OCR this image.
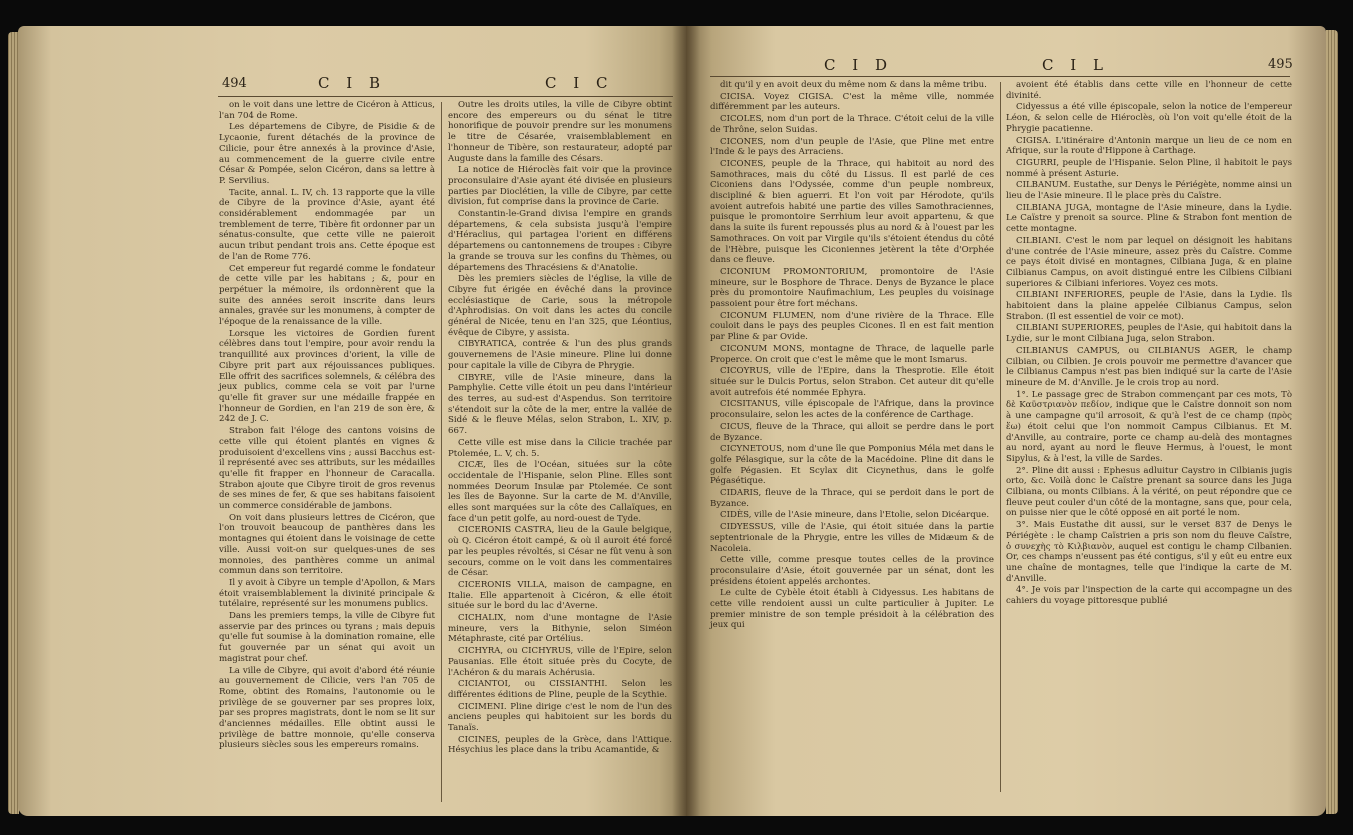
494	C I B	C I C

on le voit dans une lettre de Cicéron à Atticus, l'an 704 de Rome.

Les départemens de Cibyre, de Pisidie & de Lycaonie, furent détachés de la province de Cilicie, pour être annexés à la province d'Asie, au commencement de la guerre civile entre César & Pompée, selon Cicéron, dans sa lettre à P. Servilius.

Tacite, annal. L. IV, ch. 13 rapporte que la ville de Cibyre de la province d'Asie, ayant été considérablement endommagée par un tremblement de terre, Tibère fit ordonner par un sénatus-consulte, que cette ville ne paieroit aucun tribut pendant trois ans. Cette époque est de l'an de Rome 776.

Cet empereur fut regardé comme le fondateur de cette ville par les habitans ; &, pour en perpétuer la mémoire, ils ordonnèrent que la suite des années seroit inscrite dans leurs annales, gravée sur les monumens, à compter de l'époque de la renaissance de la ville.

Lorsque les victoires de Gordien furent célèbres dans tout l'empire, pour avoir rendu la tranquillité aux provinces d'orient, la ville de Cibyre prit part aux réjouissances publiques. Elle offrit des sacrifices solemnels, & célébra des jeux publics, comme cela se voit par l'urne qu'elle fit graver sur une médaille frappée en l'honneur de Gordien, en l'an 219 de son ère, & 242 de J. C.

Strabon fait l'éloge des cantons voisins de cette ville qui étoient plantés en vignes & produisoient d'excellens vins ; aussi Bacchus est-il représenté avec ses attributs, sur les médailles qu'elle fit frapper en l'honneur de Caracalla. Strabon ajoute que Cibyre tiroit de gros revenus de ses mines de fer, & que ses habitans faisoient un commerce considérable de jambons.

On voit dans plusieurs lettres de Cicéron, que l'on trouvoit beaucoup de panthères dans les montagnes qui étoient dans le voisinage de cette ville. Aussi voit-on sur quelques-unes de ses monnoies, des panthères comme un animal commun dans son territoire.

Il y avoit à Cibyre un temple d'Apollon, & Mars étoit vraisemblablement la divinité principale & tutélaire, représenté sur les monumens publics.

Dans les premiers temps, la ville de Cibyre fut asservie par des princes ou tyrans ; mais depuis qu'elle fut soumise à la domination romaine, elle fut gouvernée par un sénat qui avoit un magistrat pour chef.

La ville de Cibyre, qui avoit d'abord été réunie au gouvernement de Cilicie, vers l'an 705 de Rome, obtint des Romains, l'autonomie ou le privilège de se gouverner par ses propres loix, par ses propres magistrats, dont le nom se lit sur d'anciennes médailles. Elle obtint aussi le privilège de battre monnoie, qu'elle conserva plusieurs siècles sous les empereurs romains.

Outre les droits utiles, la ville de Cibyre obtint encore des empereurs ou du sénat le titre honorifique de pouvoir prendre sur les monumens le titre de Césarée, vraisemblablement en l'honneur de Tibère, son restaurateur, adopté par Auguste dans la famille des Césars.

La notice de Hiéroclès fait voir que la province proconsulaire d'Asie ayant été divisée en plusieurs parties par Dioclétien, la ville de Cibyre, par cette division, fut comprise dans la province de Carie.

Constantin-le-Grand divisa l'empire en grands départemens, & cela subsista jusqu'à l'empire d'Héraclius, qui partagea l'orient en différens départemens ou cantonnemens de troupes : Cibyre la grande se trouva sur les confins du Thèmes, ou départemens des Thracésiens & d'Anatolie.

Dès les premiers siècles de l'église, la ville de Cibyre fut érigée en évêché dans la province ecclésiastique de Carie, sous la métropole d'Aphrodisias. On voit dans les actes du concile général de Nicée, tenu en l'an 325, que Léontius, évêque de Cibyre, y assista.

CIBYRATICA, contrée & l'un des plus grands gouvernemens de l'Asie mineure. Pline lui donne pour capitale la ville de Cibyra de Phrygie.

CIBYRE, ville de l'Asie mineure, dans la Pamphylie. Cette ville étoit un peu dans l'intérieur des terres, au sud-est d'Aspendus. Son territoire s'étendoit sur la côte de la mer, entre la vallée de Sidé & le fleuve Mélas, selon Strabon, L. XIV, p. 667.

Cette ville est mise dans la Cilicie trachée par Ptolemée, L. V, ch. 5.

CICÆ, îles de l'Océan, situées sur la côte occidentale de l'Hispanie, selon Pline. Elles sont nommées Deorum Insulæ par Ptolemée. Ce sont les îles de Bayonne. Sur la carte de M. d'Anville, elles sont marquées sur la côte des Callaïques, en face d'un petit golfe, au nord-ouest de Tyde.

CICERONIS CASTRA, lieu de la Gaule belgique, où Q. Cicéron étoit campé, & où il auroit été forcé par les peuples révoltés, si César ne fût venu à son secours, comme on le voit dans les commentaires de César.

CICERONIS VILLA, maison de campagne, en Italie. Elle appartenoit à Cicéron, & elle étoit située sur le bord du lac d'Averne.

CICHALIX, nom d'une montagne de l'Asie mineure, vers la Bithynie, selon Siméon Métaphraste, cité par Ortélius.

CICHYRA, ou CICHYRUS, ville de l'Epire, selon Pausanias. Elle étoit située près du Cocyte, de l'Achéron & du marais Achérusia.

CICIANTOI, ou CISSIANTHI. Selon les différentes éditions de Pline, peuple de la Scythie.

CICIMENI. Pline dirige c'est le nom de l'un des anciens peuples qui habitoient sur les bords du Tanaïs.

CICINES, peuples de la Grèce, dans l'Attique. Hésychius les place dans la tribu Acamantide, &

C I D	C I L	495

dit qu'il y en avoit deux du même nom & dans la même tribu.

CICISA. Voyez CIGISA. C'est la même ville, nommée différemment par les auteurs.

CICOLES, nom d'un port de la Thrace. C'étoit celui de la ville de Thrône, selon Suidas.

CICONES, nom d'un peuple de l'Asie, que Pline met entre l'Inde & le pays des Arraciens.

CICONES, peuple de la Thrace, qui habitoit au nord des Samothraces, mais du côté du Lissus. Il est parlé de ces Ciconiens dans l'Odyssée, comme d'un peuple nombreux, discipliné & bien aguerri. Et l'on voit par Hérodote, qu'ils avoient autrefois habité une partie des villes Samothraciennes, puisque le promontoire Serrhium leur avoit appartenu, & que dans la suite ils furent repoussés plus au nord & à l'ouest par les Samothraces. On voit par Virgile qu'ils s'étoient étendus du côté de l'Hèbre, puisque les Ciconiennes jetèrent la tête d'Orphée dans ce fleuve.

CICONIUM PROMONTORIUM, promontoire de l'Asie mineure, sur le Bosphore de Thrace. Denys de Byzance le place près du promontoire Naufimachium, Les peuples du voisinage passoient pour être fort méchans.

CICONUM FLUMEN, nom d'une rivière de la Thrace. Elle couloit dans le pays des peuples Cicones. Il en est fait mention par Pline & par Ovide.

CICONUM MONS, montagne de Thrace, de laquelle parle Properce. On croit que c'est le même que le mont Ismarus.

CICOYRUS, ville de l'Epire, dans la Thesprotie. Elle étoit située sur le Dulcis Portus, selon Strabon. Cet auteur dit qu'elle avoit autrefois été nommée Ephyra.

CICSITANUS, ville épiscopale de l'Afrique, dans la province proconsulaire, selon les actes de la conférence de Carthage.

CICUS, fleuve de la Thrace, qui alloit se perdre dans le port de Byzance.

CICYNETOUS, nom d'une île que Pomponius Méla met dans le golfe Pélasgique, sur la côte de la Macédoine. Pline dit dans le golfe Pégasien. Et Scylax dit Cicynethus, dans le golfe Pégasétique.

CIDARIS, fleuve de la Thrace, qui se perdoit dans le port de Byzance.

CIDÈS, ville de l'Asie mineure, dans l'Etolie, selon Dicéarque.

CIDYESSUS, ville de l'Asie, qui étoit située dans la partie septentrionale de la Phrygie, entre les villes de Midæum & de Nacoleia.

Cette ville, comme presque toutes celles de la province proconsulaire d'Asie, étoit gouvernée par un sénat, dont les présidens étoient appelés archontes.

Le culte de Cybèle étoit établi à Cidyessus. Les habitans de cette ville rendoient aussi un culte particulier à Jupiter. Le premier ministre de son temple présidoit à la célébration des jeux qui

avoient été établis dans cette ville en l'honneur de cette divinité.

Cidyessus a été ville épiscopale, selon la notice de l'empereur Léon, & selon celle de Hiéroclès, où l'on voit qu'elle étoit de la Phrygie pacatienne.

CIGISA. L'itinéraire d'Antonin marque un lieu de ce nom en Afrique, sur la route d'Hippone à Carthage.

CIGURRI, peuple de l'Hispanie. Selon Pline, il habitoit le pays nommé à présent Asturie.

CILBANUM. Eustathe, sur Denys le Périégète, nomme ainsi un lieu de l'Asie mineure. Il le place près du Caïstre.

CILBIANA JUGA, montagne de l'Asie mineure, dans la Lydie. Le Caïstre y prenoit sa source. Pline & Strabon font mention de cette montagne.

CILBIANI. C'est le nom par lequel on désignoit les habitans d'une contrée de l'Asie mineure, assez près du Caïstre. Comme ce pays étoit divisé en montagnes, Cilbiana Juga, & en plaine Cilbianus Campus, on avoit distingué entre les Cilbiens Cilbiani superiores & Cilbiani inferiores. Voyez ces mots.

CILBIANI INFERIORES, peuple de l'Asie, dans la Lydie. Ils habitoient dans la plaine appelée Cilbianus Campus, selon Strabon. (Il est essentiel de voir ce mot).

CILBIANI SUPERIORES, peuples de l'Asie, qui habitoit dans la Lydie, sur le mont Cilbiana Juga, selon Strabon.

CILBIANUS CAMPUS, ou CILBIANUS AGER, le champ Cilbian, ou Cilbien. Je crois pouvoir me permettre d'avancer que le Cilbianus Campus n'est pas bien indiqué sur la carte de l'Asie mineure de M. d'Anville. Je le crois trop au nord.

1°. Le passage grec de Strabon commençant par ces mots, Τὸ δὲ Καϋστριανὸν πεδίον, indique que le Caïstre donnoit son nom à une campagne qu'il arrosoit, & qu'à l'est de ce champ (πρὸς ἕω) étoit celui que l'on nommoit Campus Cilbianus. Et M. d'Anville, au contraire, porte ce champ au-delà des montagnes au nord, ayant au nord le fleuve Hermus, à l'ouest, le mont Sipylus, & à l'est, la ville de Sardes.

2°. Pline dit aussi : Ephesus adluitur Caystro in Cilbianis jugis orto, &c. Voilà donc le Caïstre prenant sa source dans les Juga Cilbiana, ou monts Cilbians. À la vérité, on peut répondre que ce fleuve peut couler d'un côté de la montagne, sans que, pour cela, on puisse nier que le côté opposé en ait porté le nom.

3°. Mais Eustathe dit aussi, sur le verset 837 de Denys le Périégète : le champ Caïstrien a pris son nom du fleuve Caïstre, ὁ συνεχὴς τὸ Κιλβιανὸν, auquel est contigu le champ Cilbanien. Or, ces champs n'eussent pas été contigus, s'il y eût eu entre eux une chaîne de montagnes, telle que l'indique la carte de M. d'Anville.

4°. Je vois par l'inspection de la carte qui accompagne un des cahiers du voyage pittoresque publié
